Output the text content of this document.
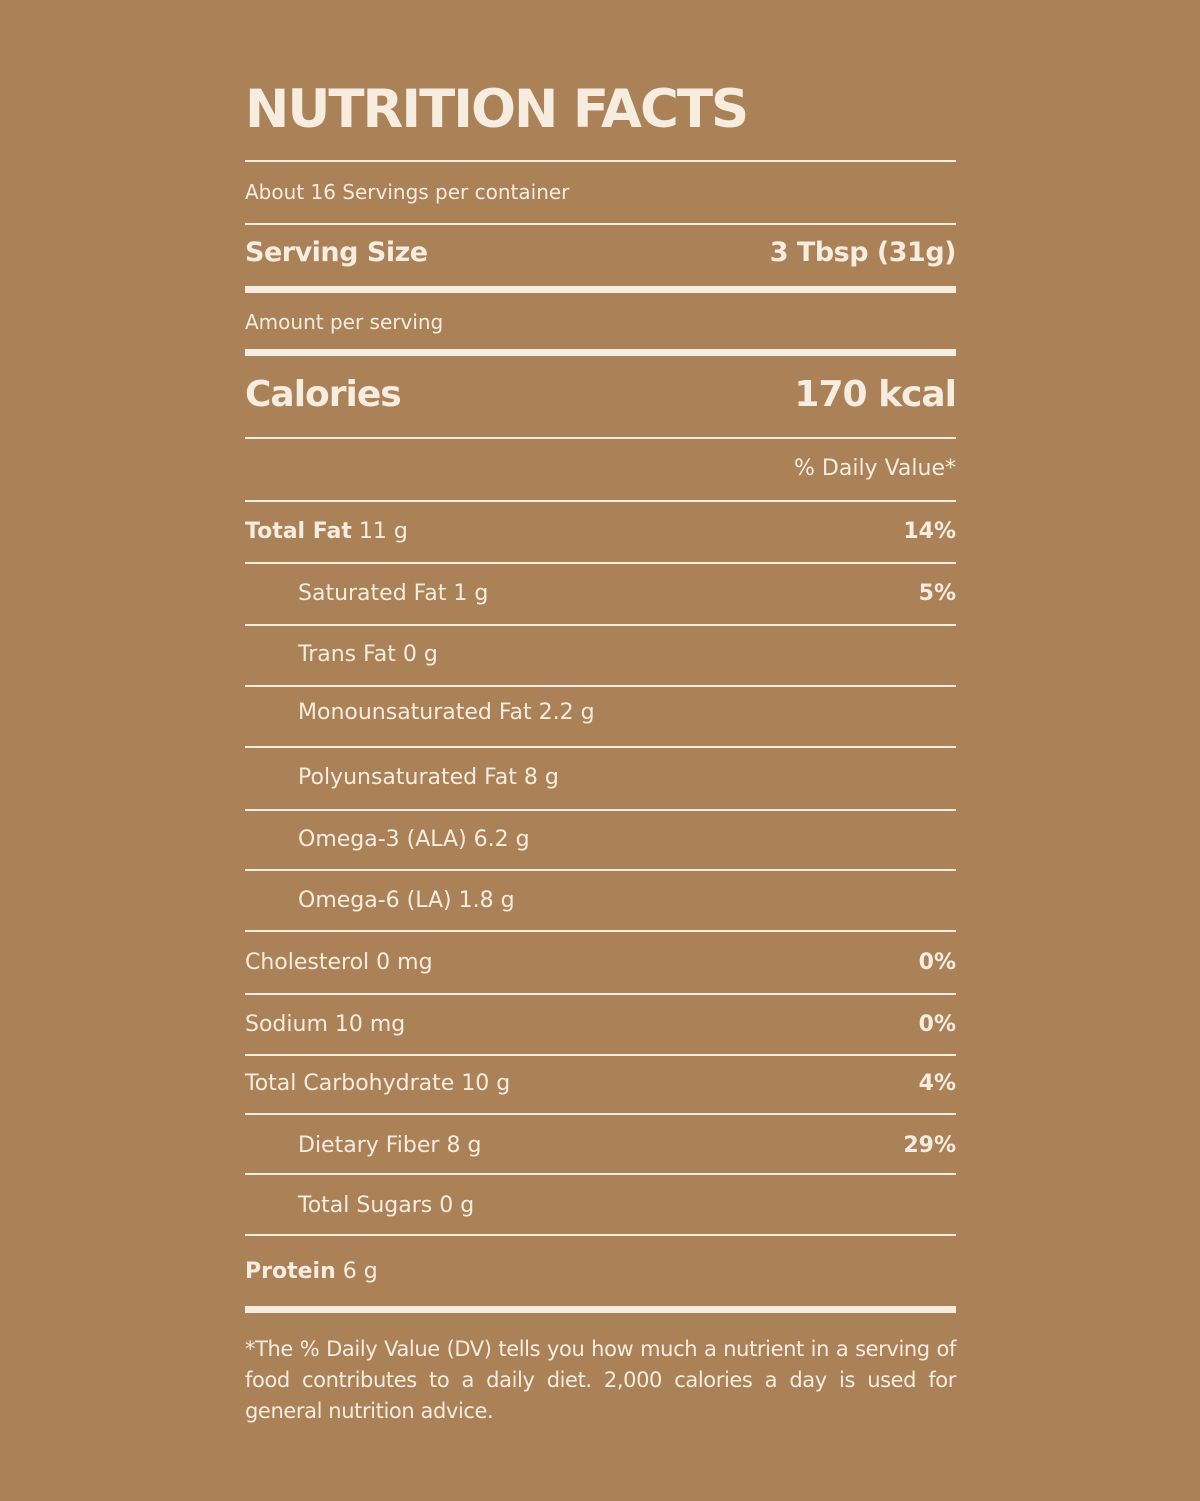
NUTRITION FACTS
About 16 Servings per container
Serving Size	3 Tbsp (31g)
Amount per serving
Calories	170 kcal
% Daily Value*
Total Fat 11 g	14%
Saturated Fat 1 g	5%
Trans Fat 0 g
Monounsaturated Fat 2.2 g
Polyunsaturated Fat 8 g
Omega-3 (ALA) 6.2 g
Omega-6 (LA) 1.8 g
Cholesterol 0 mg	0%
Sodium 10 mg	0%
Total Carbohydrate 10 g	4%
Dietary Fiber 8 g	29%
Total Sugars 0 g
Protein 6 g
*The % Daily Value (DV) tells you how much a nutrient in a serving of food contributes to a daily diet. 2,000 calories a day is used for general nutrition advice.
